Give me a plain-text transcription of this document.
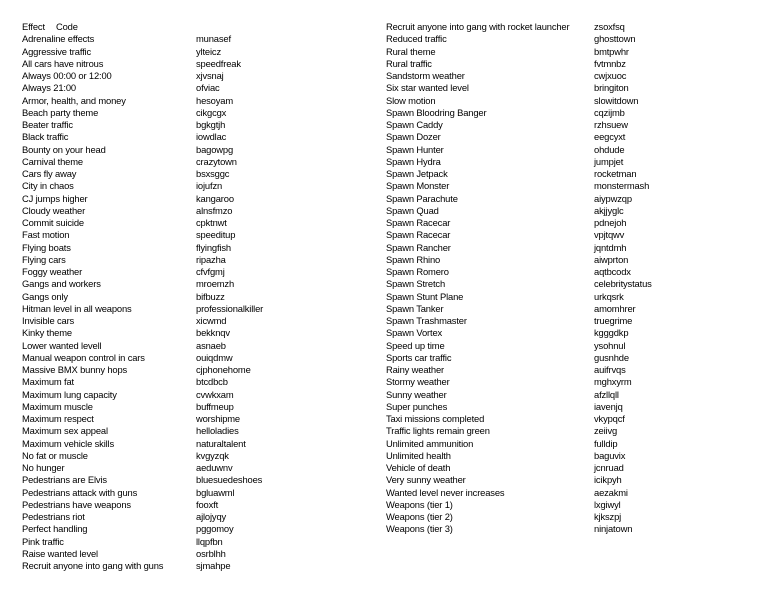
Effect Code
Adrenaline effects	munasef
Aggressive traffic	ylteicz
All cars have nitrous	speedfreak
Always 00:00 or 12:00	xjvsnaj
Always 21:00	ofviac
Armor, health, and money	hesoyam
Beach party theme	cikgcgx
Beater traffic	bgkgtjh
Black traffic	iowdlac
Bounty on your head	bagowpg
Carnival theme	crazytown
Cars fly away	bsxsggc
City in chaos	iojufzn
CJ jumps higher	kangaroo
Cloudy weather	alnsfmzo
Commit suicide	cpktnwt
Fast motion	speeditup
Flying boats	flyingfish
Flying cars	ripazha
Foggy weather	cfvfgmj
Gangs and workers	mroemzh
Gangs only	bifbuzz
Hitman level in all weapons	professionalkiller
Invisible cars	xicwmd
Kinky theme	bekknqv
Lower wanted levell	asnaeb
Manual weapon control in cars	ouiqdmw
Massive BMX bunny hops	cjphonehome
Maximum fat	btcdbcb
Maximum lung capacity	cvwkxam
Maximum muscle	buffmeup
Maximum respect	worshipme
Maximum sex appeal	helloladies
Maximum vehicle skills	naturaltalent
No fat or muscle	kvgyzqk
No hunger	aeduwnv
Pedestrians are Elvis	bluesuedeshoes
Pedestrians attack with guns	bgluawml
Pedestrians have weapons	fooxft
Pedestrians riot	ajlojyqy
Perfect handling	pggomoy
Pink traffic	llqpfbn
Raise wanted level	osrblhh
Recruit anyone into gang with guns	sjmahpe
Recruit anyone into gang with rocket launcher	zsoxfsq
Reduced traffic	ghosttown
Rural theme	bmtpwhr
Rural traffic	fvtmnbz
Sandstorm weather	cwjxuoc
Six star wanted level	bringiton
Slow motion	slowitdown
Spawn Bloodring Banger	cqzijmb
Spawn Caddy	rzhsuew
Spawn Dozer	eegcyxt
Spawn Hunter	ohdude
Spawn Hydra	jumpjet
Spawn Jetpack	rocketman
Spawn Monster	monstermash
Spawn Parachute	aiypwzqp
Spawn Quad	akjjyglc
Spawn Racecar	pdnejoh
Spawn Racecar	vpjtqwv
Spawn Rancher	jqntdmh
Spawn Rhino	aiwprton
Spawn Romero	aqtbcodx
Spawn Stretch	celebritystatus
Spawn Stunt Plane	urkqsrk
Spawn Tanker	amomhrer
Spawn Trashmaster	truegrime
Spawn Vortex	kgggdkp
Speed up time	ysohnul
Sports car traffic	gusnhde
Rainy weather	auifrvqs
Stormy weather	mghxyrm
Sunny weather	afzllqll
Super punches	iavenjq
Taxi missions completed	vkypqcf
Traffic lights remain green	zeiivg
Unlimited ammunition	fulldip
Unlimited health	baguvix
Vehicle of death	jcnruad
Very sunny weather	icikpyh
Wanted level never increases	aezakmi
Weapons (tier 1)	lxgiwyl
Weapons (tier 2)	kjkszpj
Weapons (tier 3)	ninjatown
